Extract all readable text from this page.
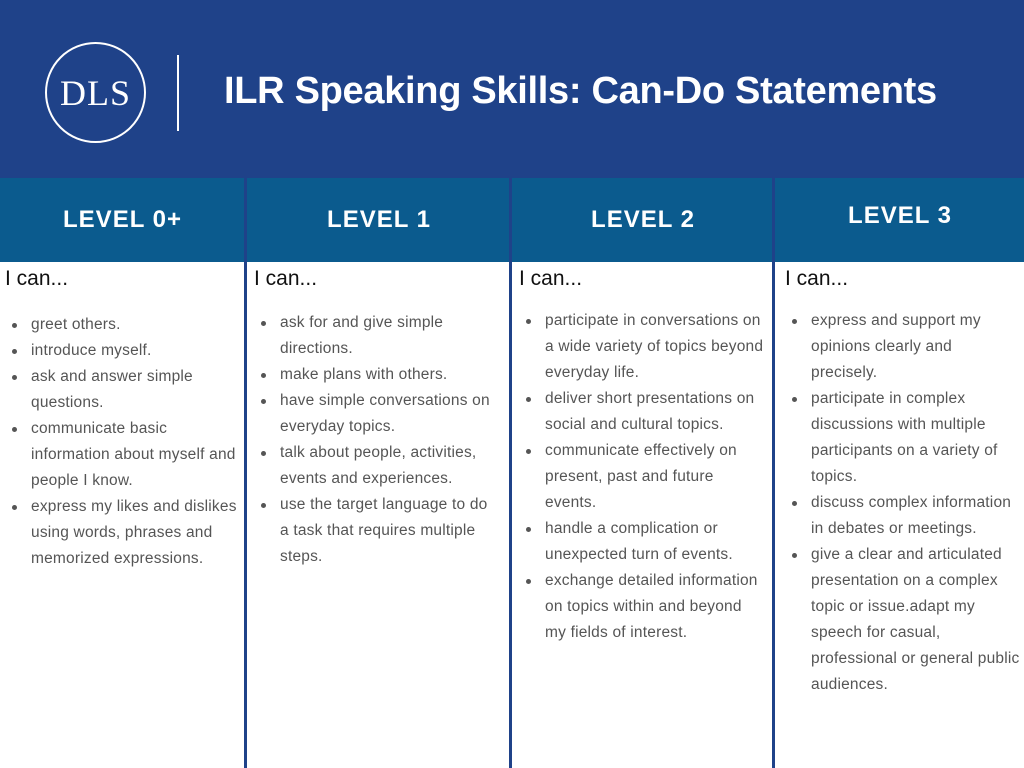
DLS ILR Speaking Skills: Can-Do Statements
LEVEL 0+	LEVEL 1	LEVEL 2	LEVEL 3
I can...
greet others.
introduce myself.
ask and answer simple questions.
communicate basic information about myself and people I know.
express my likes and dislikes using words, phrases and memorized expressions.
I can...
ask for and give simple directions.
make plans with others.
have simple conversations on everyday topics.
talk about people, activities, events and experiences.
use the target language to do a task that requires multiple steps.
I can...
participate in conversations on a wide variety of topics beyond everyday life.
deliver short presentations on social and cultural topics.
communicate effectively on present, past and future events.
handle a complication or unexpected turn of events.
exchange detailed information on topics within and beyond my fields of interest.
I can...
express and support my opinions clearly and precisely.
participate in complex discussions with multiple participants on a variety of topics.
discuss complex information in debates or meetings.
give a clear and articulated presentation on a complex topic or issue.adapt my speech for casual, professional or general public audiences.
